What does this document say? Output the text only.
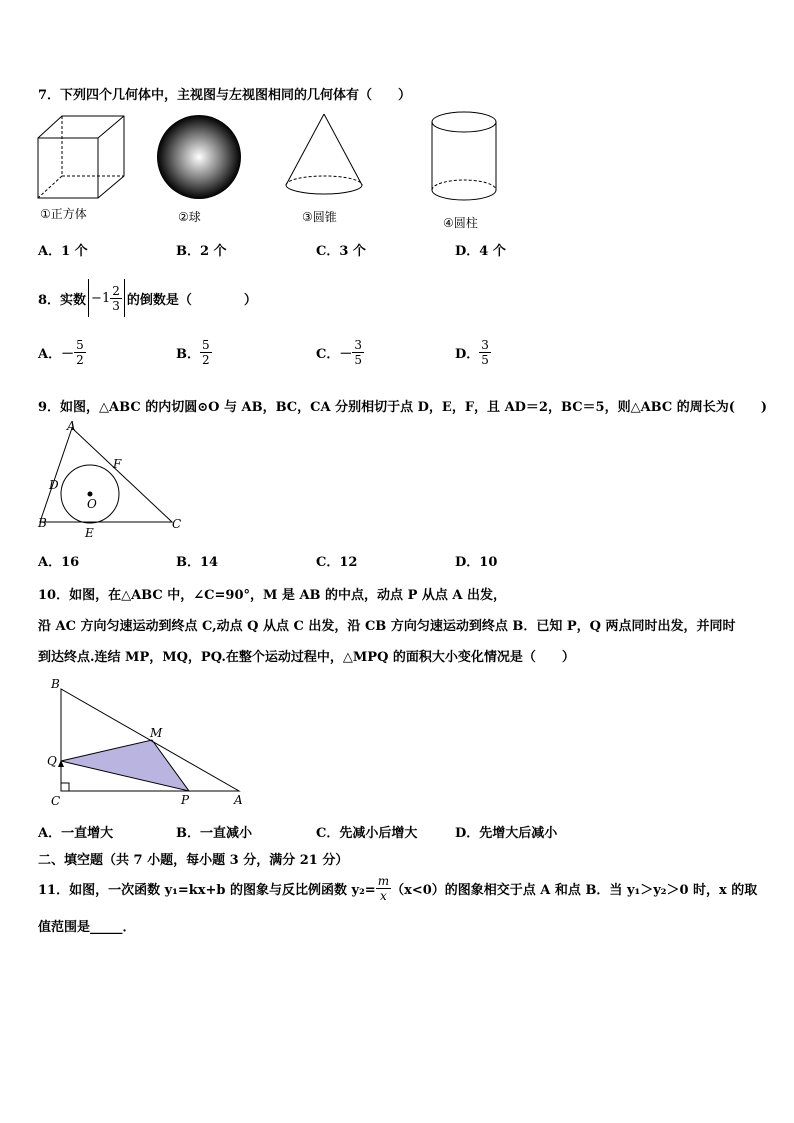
7．下列四个几何体中，主视图与左视图相同的几何体有（　　）
①正方体	②球	③圆锥	④圆柱
A．1 个	B．2 个	C．3 个	D．4 个
8．实数 $-1 \frac{2}{3}$ 的倒数是（　　　　）
A． － $\frac{5}{2}$	B． $\frac{5}{2}$	C． － $\frac{3}{5}$	D． $\frac{3}{5}$
9．如图，△ABC 的内切圆⊙O 与 AB，BC，CA 分别相切于点 D，E，F，且 AD＝2，BC＝5，则△ABC 的周长为(　　)
A
B	C
D
E
F
O
A．16	B．14	C．12	D．10
10．如图，在△ABC 中，∠C=90°，M 是 AB 的中点，动点 P 从点 A 出发，
沿 AC 方向匀速运动到终点 C,动点 Q 从点 C 出发，沿 CB 方向匀速运动到终点 B．已知 P，Q 两点同时出发，并同时
到达终点.连结 MP，MQ，PQ.在整个运动过程中，△MPQ 的面积大小变化情况是（　　）
B
Q
C	P	A
M
A．一直增大	B．一直减小	C．先减小后增大	D．先增大后减小
二、填空题（共 7 小题，每小题 3 分，满分 21 分）
11．如图，一次函数 y₁=kx+b 的图象与反比例函数 $y_2= \frac{m}{x} (x<0)$的图象相交于点 A 和点 B．当 y₁＞y₂＞0 时，x 的取
值范围是_____．
